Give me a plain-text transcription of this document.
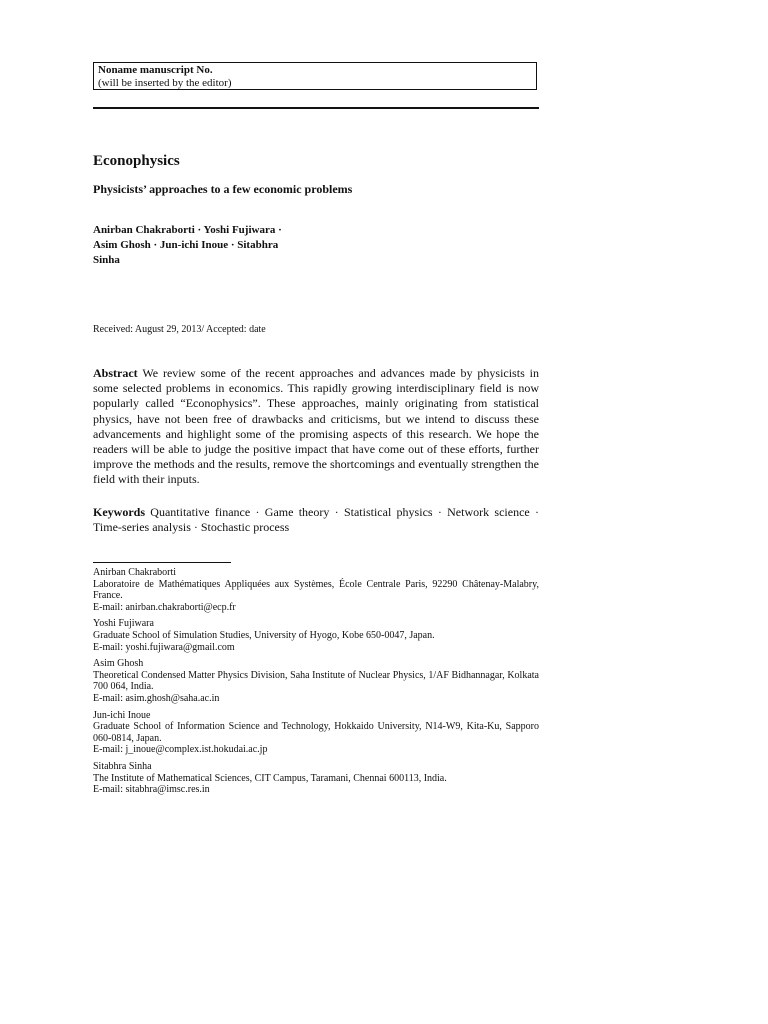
Noname manuscript No.
(will be inserted by the editor)
Econophysics
Physicists’ approaches to a few economic problems
Anirban Chakraborti · Yoshi Fujiwara ·
Asim Ghosh · Jun-ichi Inoue · Sitabhra
Sinha
Received: August 29, 2013/ Accepted: date
Abstract We review some of the recent approaches and advances made by physicists in some selected problems in economics. This rapidly growing interdisciplinary field is now popularly called “Econophysics”. These approaches, mainly originating from statistical physics, have not been free of drawbacks and criticisms, but we intend to discuss these advancements and highlight some of the promising aspects of this research. We hope the readers will be able to judge the positive impact that have come out of these efforts, further improve the methods and the results, remove the shortcomings and eventually strengthen the field with their inputs.
Keywords Quantitative finance · Game theory · Statistical physics · Network science · Time-series analysis · Stochastic process
Anirban Chakraborti
Laboratoire de Mathématiques Appliquées aux Systèmes, École Centrale Paris, 92290 Châtenay-Malabry, France.
E-mail: anirban.chakraborti@ecp.fr
Yoshi Fujiwara
Graduate School of Simulation Studies, University of Hyogo, Kobe 650-0047, Japan.
E-mail: yoshi.fujiwara@gmail.com
Asim Ghosh
Theoretical Condensed Matter Physics Division, Saha Institute of Nuclear Physics, 1/AF Bidhannagar, Kolkata 700 064, India.
E-mail: asim.ghosh@saha.ac.in
Jun-ichi Inoue
Graduate School of Information Science and Technology, Hokkaido University, N14-W9, Kita-Ku, Sapporo 060-0814, Japan.
E-mail: j_inoue@complex.ist.hokudai.ac.jp
Sitabhra Sinha
The Institute of Mathematical Sciences, CIT Campus, Taramani, Chennai 600113, India.
E-mail: sitabhra@imsc.res.in
